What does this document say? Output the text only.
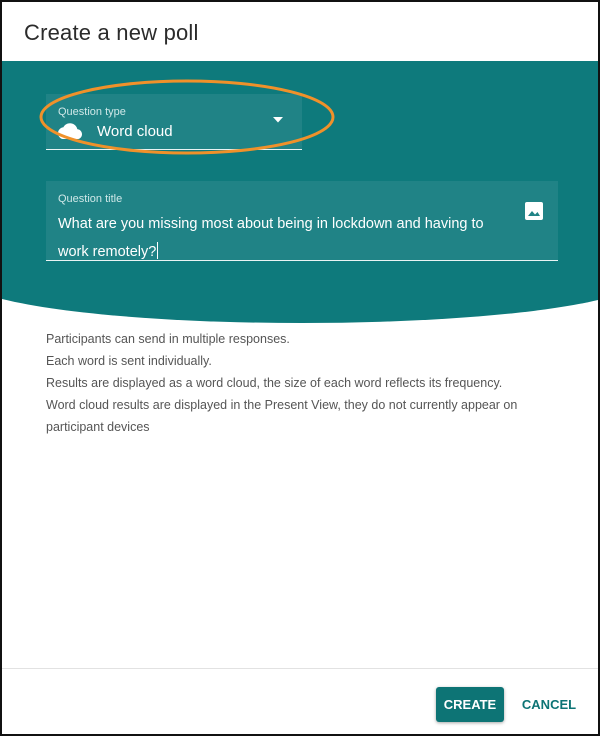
Create a new poll
Question type
Word cloud
Question title
What are you missing most about being in lockdown and having to work remotely?

Participants can send in multiple responses.

Each word is sent individually.

Results are displayed as a word cloud, the size of each word reflects its frequency.

Word cloud results are displayed in the Present View, they do not currently appear on participant devices

CREATE	CANCEL
